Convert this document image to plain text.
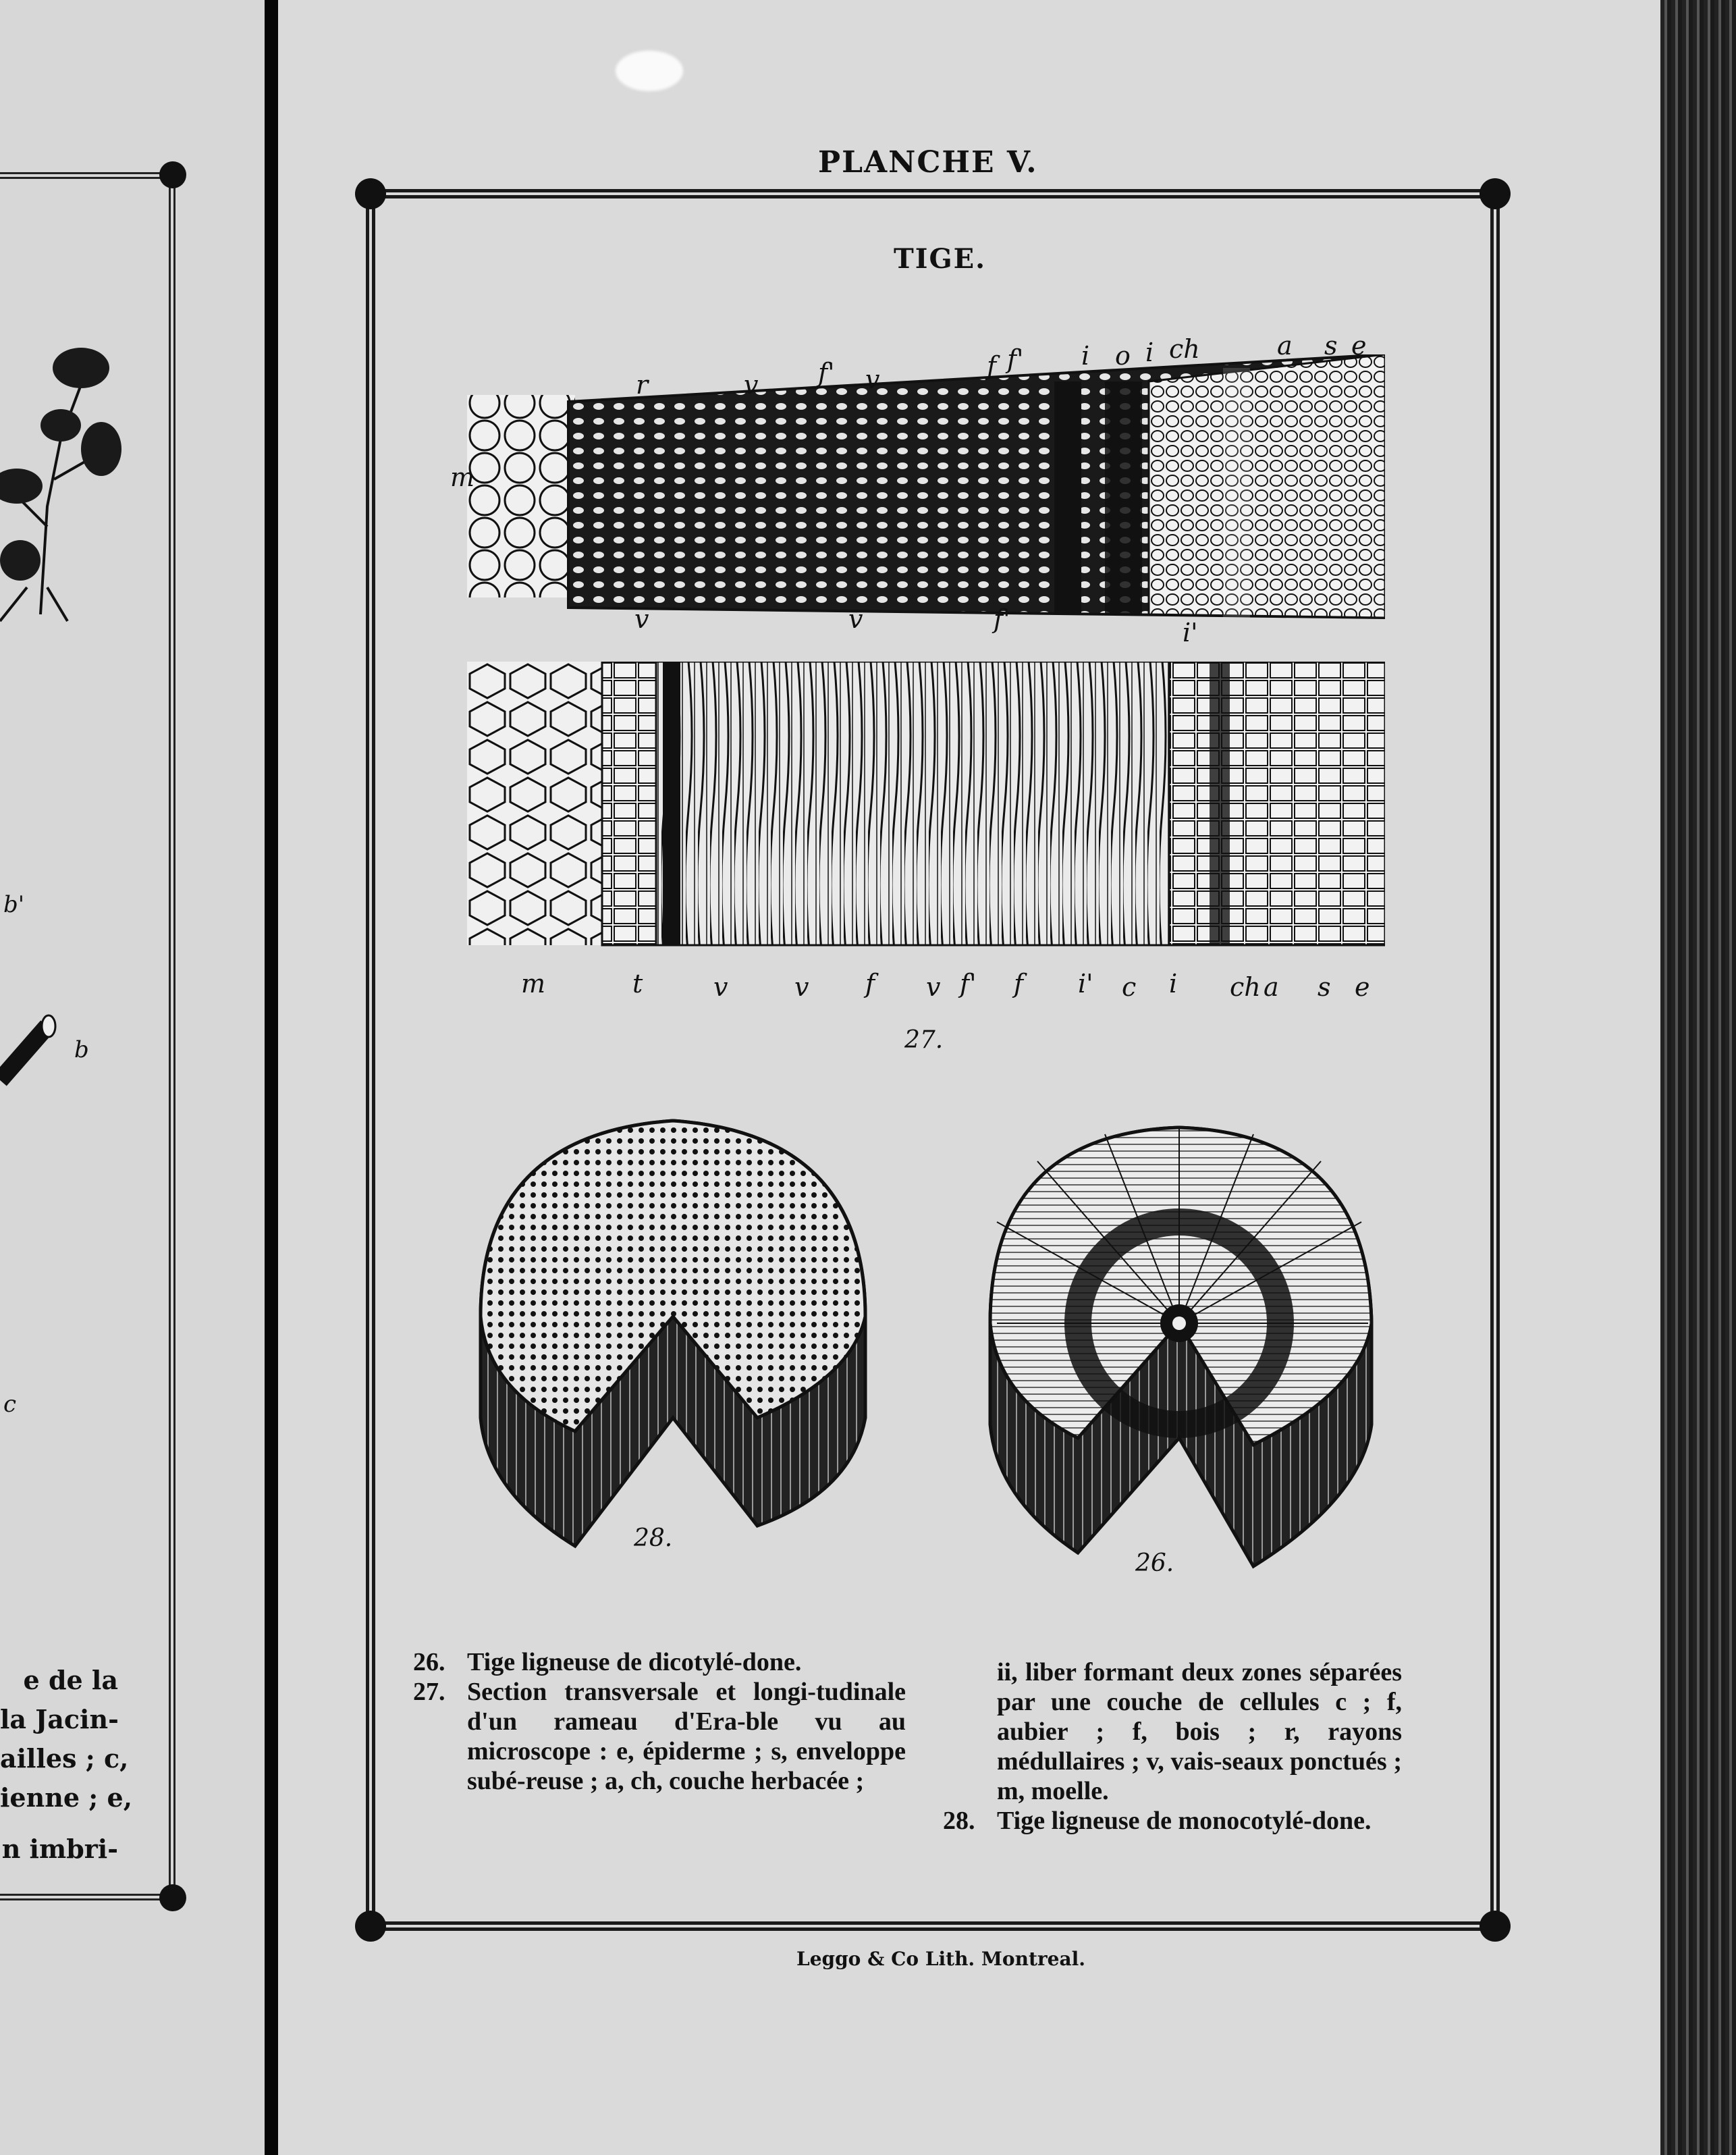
b'
b
c
e de la
la Jacin-
ailles ; c,
ienne ; e,
n imbri-
PLANCHE V.
TIGE.
r	v f' v	f f' i o i ch	a s e
m
v	v	f'	i'
m	t	v	v f v f' f i' c i ch a s e
27.
28.
26.
26. Tige ligneuse de dicotylé-done.
27. Section transversale et longi-tudinale d'un rameau d'Era-ble vu au microscope : e, épiderme ; s, enveloppe subé-reuse ; a, ch, couche herbacée ;
ii, liber formant deux zones séparées par une couche de cellules c ; f, aubier ; f, bois ; r, rayons médullaires ; v, vais-seaux ponctués ; m, moelle.
28. Tige ligneuse de monocotylé-done.
Leggo & Co Lith. Montreal.
